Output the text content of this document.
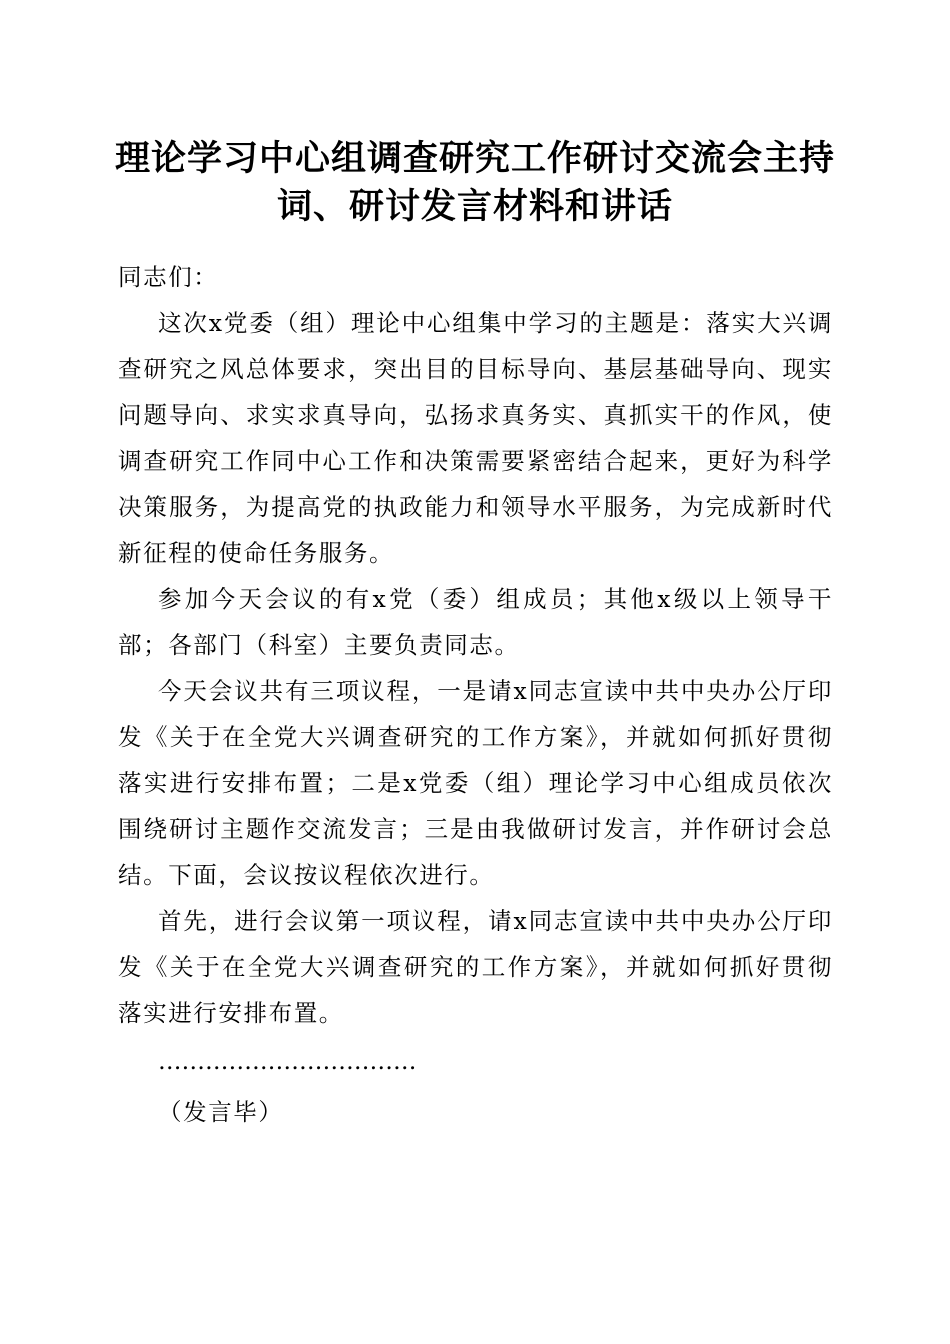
理论学习中心组调查研究工作研讨交流会主持词、研讨发言材料和讲话

同志们：

这次x党委（组）理论中心组集中学习的主题是：落实大兴调查研究之风总体要求，突出目的目标导向、基层基础导向、现实问题导向、求实求真导向，弘扬求真务实、真抓实干的作风，使调查研究工作同中心工作和决策需要紧密结合起来，更好为科学决策服务，为提高党的执政能力和领导水平服务，为完成新时代新征程的使命任务服务。

参加今天会议的有x党（委）组成员；其他x级以上领导干部；各部门（科室）主要负责同志。

今天会议共有三项议程，一是请x同志宣读中共中央办公厅印发《关于在全党大兴调查研究的工作方案》，并就如何抓好贯彻落实进行安排布置；二是x党委（组）理论学习中心组成员依次围绕研讨主题作交流发言；三是由我做研讨发言，并作研讨会总结。下面，会议按议程依次进行。

首先，进行会议第一项议程，请x同志宣读中共中央办公厅印发《关于在全党大兴调查研究的工作方案》，并就如何抓好贯彻落实进行安排布置。

……………………………

（发言毕）
